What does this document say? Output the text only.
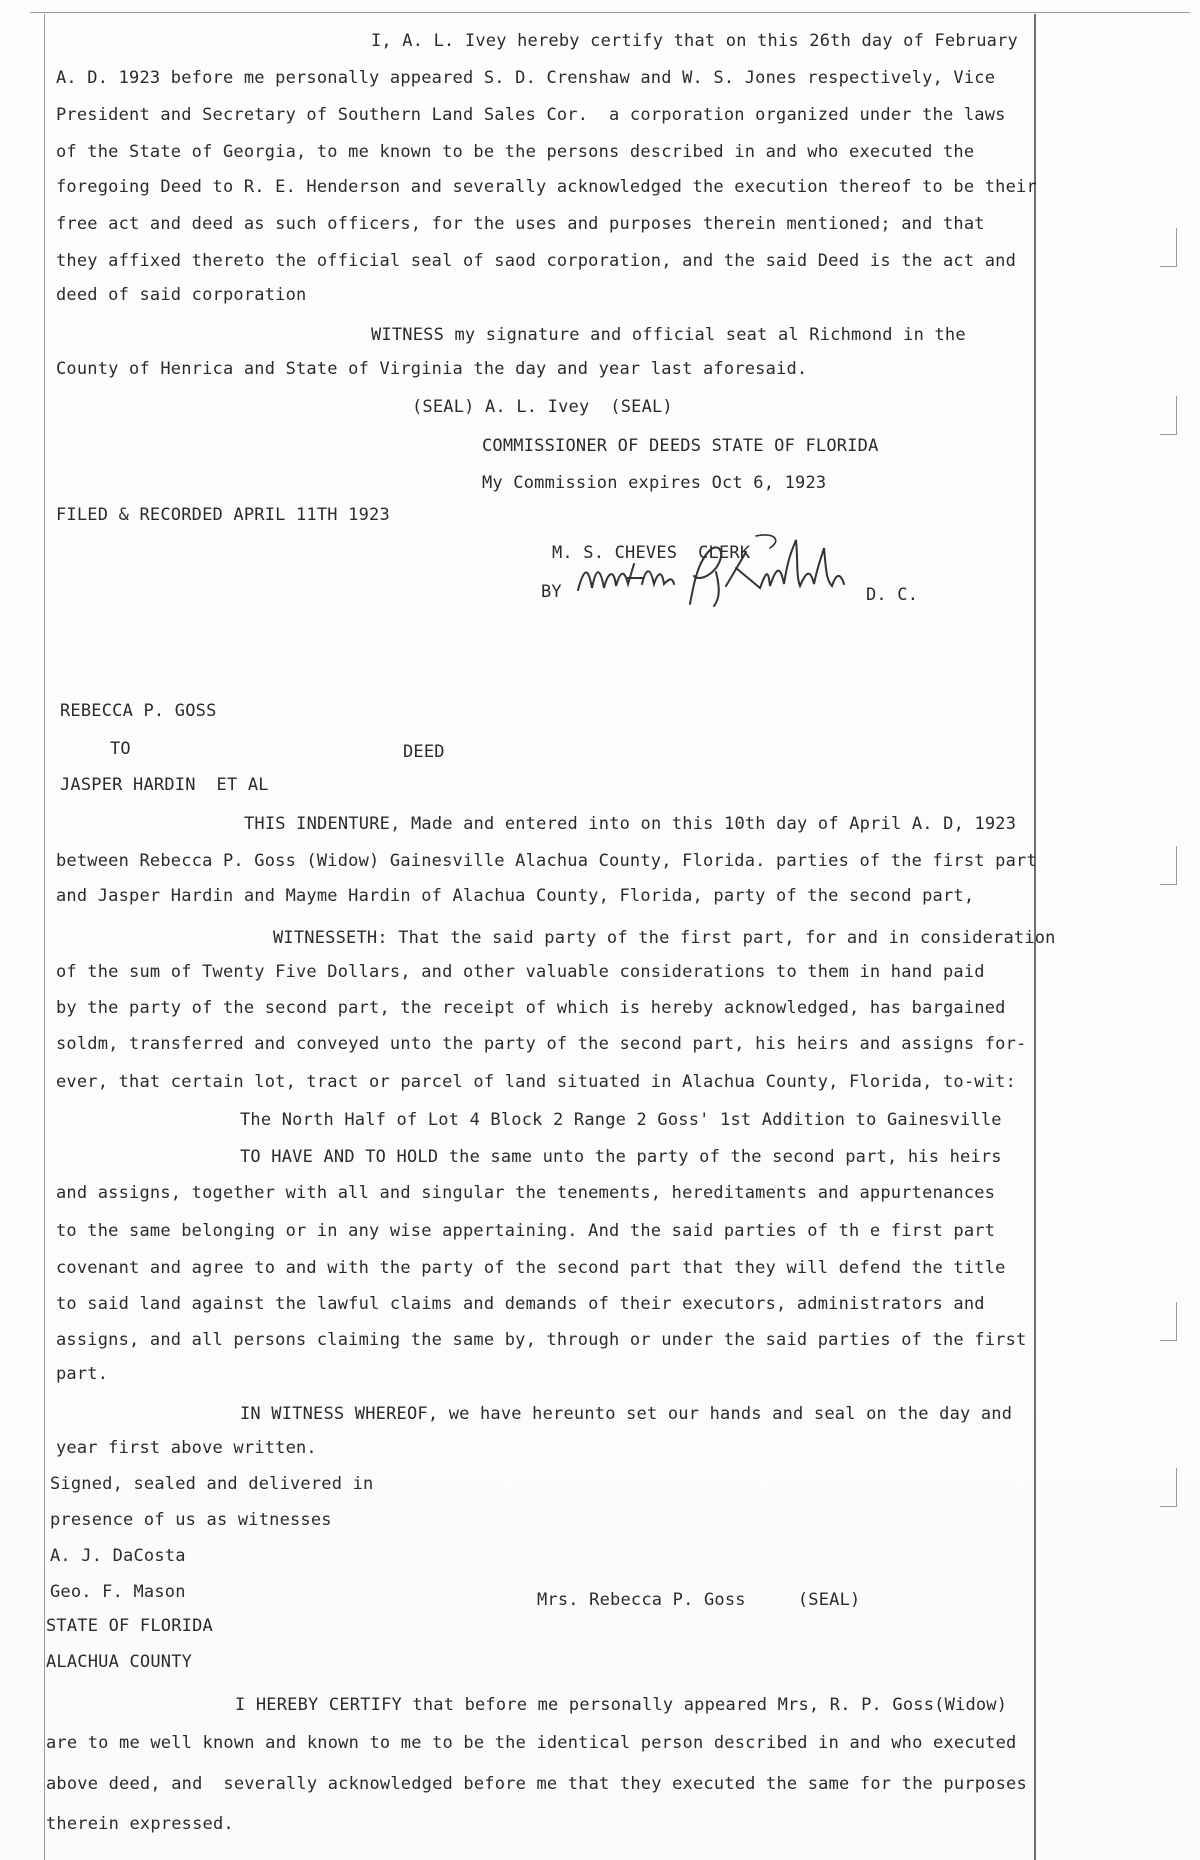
I, A. L. Ivey hereby certify that on this 26th day of February
A. D. 1923 before me personally appeared S. D. Crenshaw and W. S. Jones respectively, Vice
President and Secretary of Southern Land Sales Cor.  a corporation organized under the laws
of the State of Georgia, to me known to be the persons described in and who executed the
foregoing Deed to R. E. Henderson and severally acknowledged the execution thereof to be their
free act and deed as such officers, for the uses and purposes therein mentioned; and that
they affixed thereto the official seal of saod corporation, and the said Deed is the act and
deed of said corporation
WITNESS my signature and official seat al Richmond in the
County of Henrica and State of Virginia the day and year last aforesaid.
(SEAL) A. L. Ivey  (SEAL)
COMMISSIONER OF DEEDS STATE OF FLORIDA
My Commission expires Oct 6, 1923
FILED & RECORDED APRIL 11TH 1923
M. S. CHEVES  CLERK
BY	D. C.
REBECCA P. GOSS
TO	DEED
JASPER HARDIN  ET AL
THIS INDENTURE, Made and entered into on this 10th day of April A. D, 1923
between Rebecca P. Goss (Widow) Gainesville Alachua County, Florida. parties of the first part
and Jasper Hardin and Mayme Hardin of Alachua County, Florida, party of the second part,
WITNESSETH: That the said party of the first part, for and in consideration
of the sum of Twenty Five Dollars, and other valuable considerations to them in hand paid
by the party of the second part, the receipt of which is hereby acknowledged, has bargained
soldm, transferred and conveyed unto the party of the second part, his heirs and assigns for-
ever, that certain lot, tract or parcel of land situated in Alachua County, Florida, to-wit:
The North Half of Lot 4 Block 2 Range 2 Goss' 1st Addition to Gainesville
TO HAVE AND TO HOLD the same unto the party of the second part, his heirs
and assigns, together with all and singular the tenements, hereditaments and appurtenances
to the same belonging or in any wise appertaining. And the said parties of th e first part
covenant and agree to and with the party of the second part that they will defend the title
to said land against the lawful claims and demands of their executors, administrators and
assigns, and all persons claiming the same by, through or under the said parties of the first
part.
IN WITNESS WHEREOF, we have hereunto set our hands and seal on the day and
year first above written.
Signed, sealed and delivered in
presence of us as witnesses
A. J. DaCosta
Geo. F. Mason	Mrs. Rebecca P. Goss     (SEAL)
STATE OF FLORIDA
ALACHUA COUNTY
I HEREBY CERTIFY that before me personally appeared Mrs, R. P. Goss(Widow)
are to me well known and known to me to be the identical person described in and who executed
above deed, and  severally acknowledged before me that they executed the same for the purposes
therein expressed.
